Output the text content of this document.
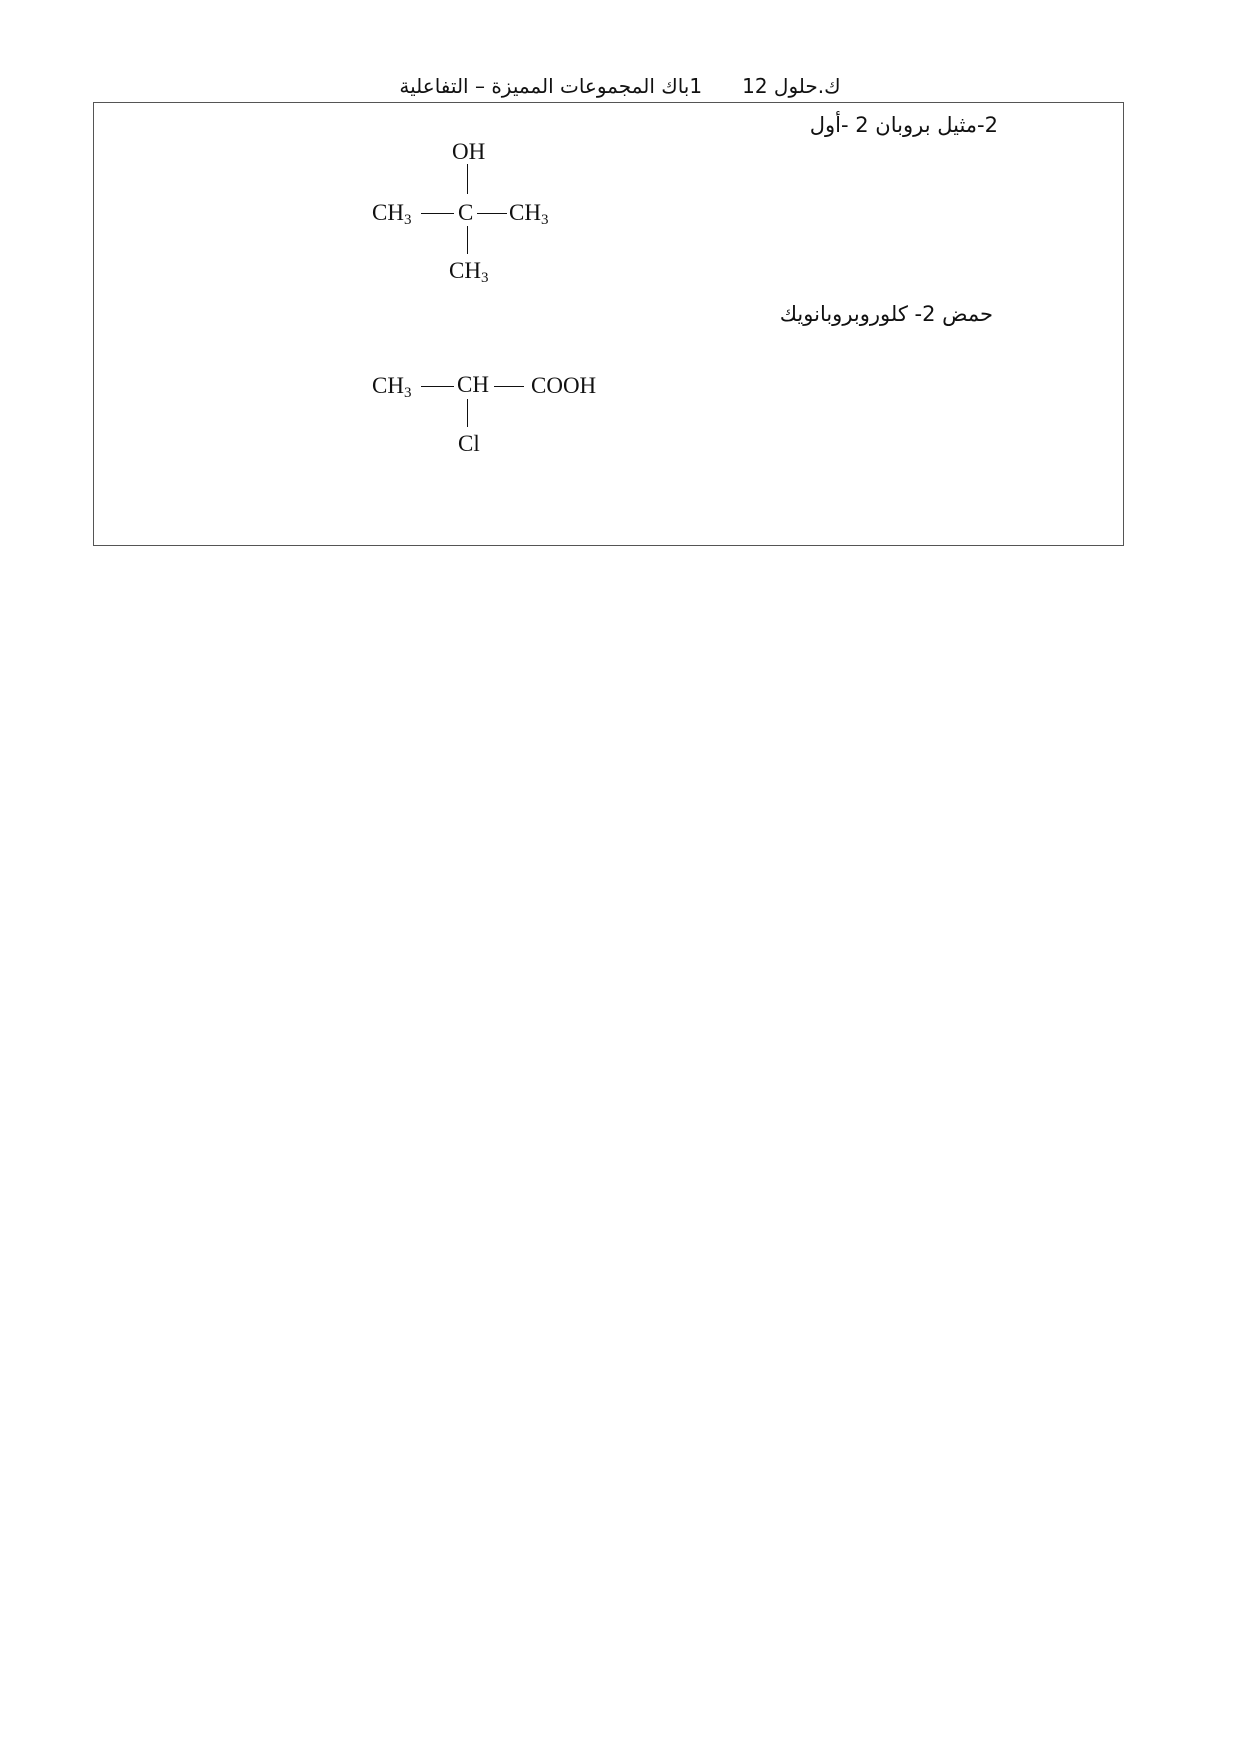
1باك المجموعات المميزة – التفاعلية ك.حلول 12
2-مثيل بروبان 2 -أول
OH
$CH_3$ C $CH_3$
$CH_3$
حمض 2- كلوروبروبانويك
$CH_3$ CH COOH
Cl
